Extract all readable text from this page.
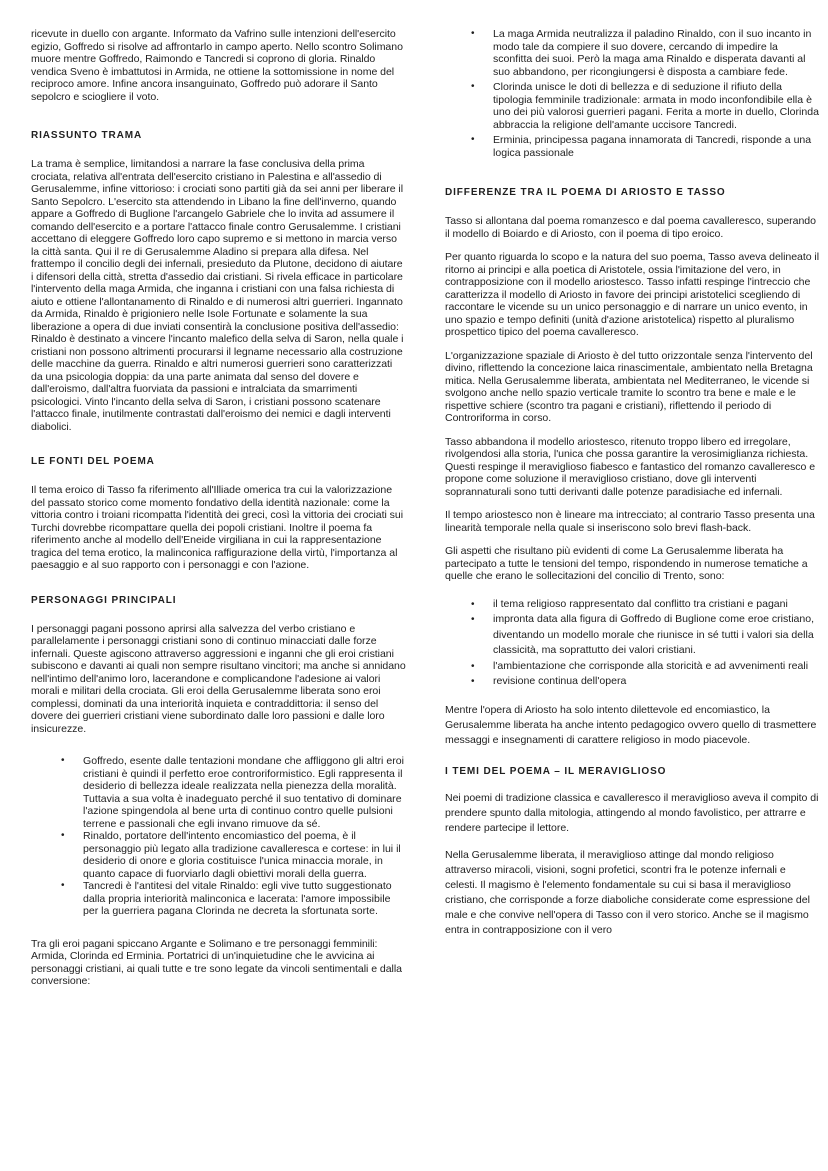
ricevute in duello con argante. Informato da Vafrino sulle intenzioni dell'esercito egizio, Goffredo si risolve ad affrontarlo in campo aperto. Nello scontro Solimano muore mentre Goffredo, Raimondo e Tancredi si coprono di gloria. Rinaldo vendica Sveno è imbattutosi in Armida, ne ottiene la sottomissione in nome del reciproco amore. Infine ancora insanguinato, Goffredo può adorare il Santo sepolcro e sciogliere il voto.

RIASSUNTO TRAMA

La trama è semplice, limitandosi a narrare la fase conclusiva della prima crociata, relativa all'entrata dell'esercito cristiano in Palestina e all'assedio di Gerusalemme, infine vittorioso: i crociati sono partiti già da sei anni per liberare il Santo Sepolcro. L'esercito sta attendendo in Libano la fine dell'inverno, quando appare a Goffredo di Buglione l'arcangelo Gabriele che lo invita ad assumere il comando dell'esercito e a portare l'attacco finale contro Gerusalemme. I cristiani accettano di eleggere Goffredo loro capo supremo e si mettono in marcia verso la città santa. Qui il re di Gerusalemme Aladino si prepara alla difesa. Nel frattempo il concilio degli dei infernali, presieduto da Plutone, decidono di aiutare i difensori della città, stretta d'assedio dai cristiani. Si rivela efficace in particolare l'intervento della maga Armida, che inganna i cristiani con una falsa richiesta di aiuto e ottiene l'allontanamento di Rinaldo e di numerosi altri guerrieri. Ingannato da Armida, Rinaldo è prigioniero nelle Isole Fortunate e solamente la sua liberazione a opera di due inviati consentirà la conclusione positiva dell'assedio: Rinaldo è destinato a vincere l'incanto malefico della selva di Saron, nella quale i cristiani non possono altrimenti procurarsi il legname necessario alla costruzione delle macchine da guerra. Rinaldo e altri numerosi guerrieri sono caratterizzati da una psicologia doppia: da una parte animata dal senso del dovere e dall'eroismo, dall'altra fuorviata da passioni e intralciata da smarrimenti psicologici. Vinto l'incanto della selva di Saron, i cristiani possono scatenare l'attacco finale, inutilmente contrastati dall'eroismo dei nemici e dagli interventi diabolici.

LE FONTI DEL POEMA

Il tema eroico di Tasso fa riferimento all'Illiade omerica tra cui la valorizzazione del passato storico come momento fondativo della identità nazionale: come la vittoria contro i troiani ricompatta l'identità dei greci, così la vittoria dei crociati sui Turchi dovrebbe ricompattare quella dei popoli cristiani. Inoltre il poema fa riferimento anche al modello dell'Eneide virgiliana in cui la rappresentazione tragica del tema erotico, la malinconica raffigurazione della virtù, l'importanza al paesaggio e al suo rapporto con i personaggi e con l'azione.

PERSONAGGI PRINCIPALI

I personaggi pagani possono aprirsi alla salvezza del verbo cristiano e parallelamente i personaggi cristiani sono di continuo minacciati dalle forze infernali. Queste agiscono attraverso aggressioni e inganni che gli eroi cristiani subiscono e davanti ai quali non sempre risultano vincitori; ma anche si annidano nell'intimo dell'animo loro, lacerandone e complicandone l'adesione ai valori morali e militari della crociata. Gli eroi della Gerusalemme liberata sono eroi complessi, dominati da una interiorità inquieta e contraddittoria: il senso del dovere dei guerrieri cristiani viene subordinato dalle loro passioni e dalle loro insicurezze.

• Goffredo, esente dalle tentazioni mondane che affliggono gli altri eroi cristiani è quindi il perfetto eroe controriformistico. Egli rappresenta il desiderio di bellezza ideale realizzata nella pienezza della moralità. Tuttavia a sua volta è inadeguato perché il suo tentativo di dominare l'azione spingendola al bene urta di continuo contro quelle pulsioni terrene e passionali che egli invano rimuove da sé.
• Rinaldo, portatore dell'intento encomiastico del poema, è il personaggio più legato alla tradizione cavalleresca e cortese: in lui il desiderio di onore e gloria costituisce l'unica minaccia morale, in quanto capace di fuorviarlo dagli obiettivi morali della guerra.
• Tancredi è l'antitesi del vitale Rinaldo: egli vive tutto suggestionato dalla propria interiorità malinconica e lacerata: l'amore impossibile per la guerriera pagana Clorinda ne decreta la sfortunata sorte.

Tra gli eroi pagani spiccano Argante e Solimano e tre personaggi femminili: Armida, Clorinda ed Erminia. Portatrici di un'inquietudine che le avvicina ai personaggi cristiani, ai quali tutte e tre sono legate da vincoli sentimentali e dalla conversione:

• La maga Armida neutralizza il paladino Rinaldo, con il suo incanto in modo tale da compiere il suo dovere, cercando di impedire la sconfitta dei suoi. Però la maga ama Rinaldo e disperata davanti al suo abbandono, per ricongiungersi è disposta a cambiare fede.
• Clorinda unisce le doti di bellezza e di seduzione il rifiuto della tipologia femminile tradizionale: armata in modo inconfondibile ella è uno dei più valorosi guerrieri pagani. Ferita a morte in duello, Clorinda abbraccia la religione dell'amante uccisore Tancredi.
• Erminia, principessa pagana innamorata di Tancredi, risponde a una logica passionale
DIFFERENZE TRA IL POEMA DI ARIOSTO E TASSO

Tasso si allontana dal poema romanzesco e dal poema cavalleresco, superando il modello di Boiardo e di Ariosto, con il poema di tipo eroico.

Per quanto riguarda lo scopo e la natura del suo poema, Tasso aveva delineato il ritorno ai principi e alla poetica di Aristotele, ossia l'imitazione del vero, in contrapposizione con il modello ariostesco. Tasso infatti respinge l'intreccio che caratterizza il modello di Ariosto in favore dei principi aristotelici scegliendo di raccontare le vicende su un unico personaggio e di narrare un unico evento, in uno spazio e tempo definiti (unità d'azione aristotelica) rispetto al pluralismo prospettico tipico del poema cavalleresco.

L'organizzazione spaziale di Ariosto è del tutto orizzontale senza l'intervento del divino, riflettendo la concezione laica rinascimentale, ambientato nella Bretagna mitica. Nella Gerusalemme liberata, ambientata nel Mediterraneo, le vicende si svolgono anche nello spazio verticale tramite lo scontro tra bene e male e le rispettive schiere (scontro tra pagani e cristiani), riflettendo il periodo di Controriforma in corso.

Tasso abbandona il modello ariostesco, ritenuto troppo libero ed irregolare, rivolgendosi alla storia, l'unica che possa garantire la verosimiglianza richiesta. Questi respinge il meraviglioso fiabesco e fantastico del romanzo cavalleresco e propone come soluzione il meraviglioso cristiano, dove gli interventi soprannaturali sono tutti derivanti dalle potenze paradisiache ed infernali.

Il tempo ariostesco non è lineare ma intrecciato; al contrario Tasso presenta una linearità temporale nella quale si inseriscono solo brevi flash-back.

Gli aspetti che risultano più evidenti di come La Gerusalemme liberata ha partecipato a tutte le tensioni del tempo, rispondendo in numerose tematiche a quelle che erano le sollecitazioni del concilio di Trento, sono:

• il tema religioso rappresentato dal conflitto tra cristiani e pagani
• impronta data alla figura di Goffredo di Buglione come eroe cristiano, diventando un modello morale che riunisce in sé tutti i valori sia della classicità, ma soprattutto dei valori cristiani.
• l'ambientazione che corrisponde alla storicità e ad avvenimenti reali
• revisione continua dell'opera

Mentre l'opera di Ariosto ha solo intento dilettevole ed encomiastico, la Gerusalemme liberata ha anche intento pedagogico ovvero quello di trasmettere messaggi e insegnamenti di carattere religioso in modo piacevole.

I TEMI DEL POEMA – IL MERAVIGLIOSO

Nei poemi di tradizione classica e cavalleresco il meraviglioso aveva il compito di prendere spunto dalla mitologia, attingendo al mondo favolistico, per attrarre e rendere partecipe il lettore.

Nella Gerusalemme liberata, il meraviglioso attinge dal mondo religioso attraverso miracoli, visioni, sogni profetici, scontri fra le potenze infernali e celesti. Il magismo è l'elemento fondamentale su cui si basa il meraviglioso cristiano, che corrisponde a forze diaboliche considerate come espressione del male e che convive nell'opera di Tasso con il vero storico. Anche se il magismo entra in contrapposizione con il vero
